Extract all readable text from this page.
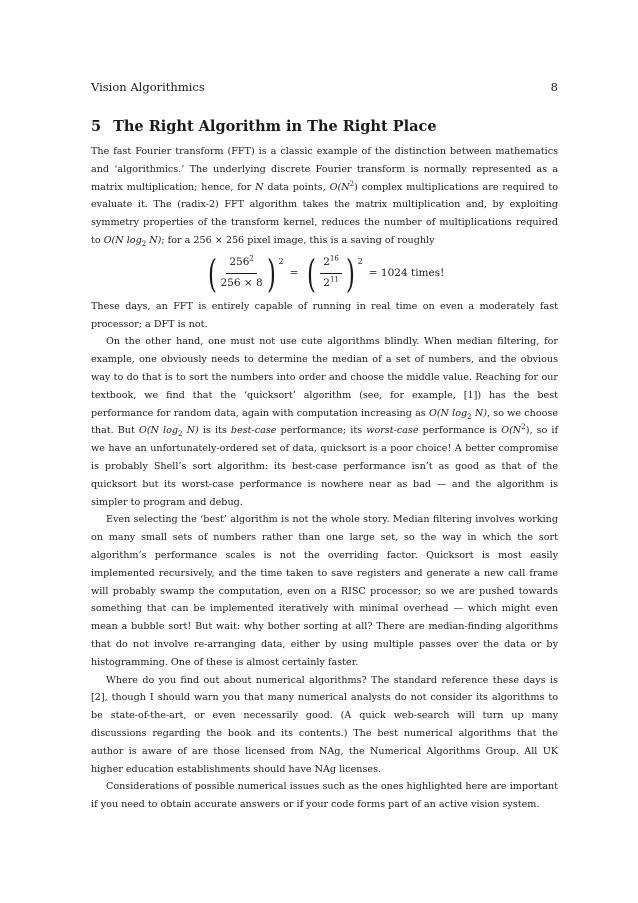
Vision Algorithmics	8
5 The Right Algorithm in The Right Place

The fast Fourier transform (FFT) is a classic example of the distinction between mathematics and ‘algorithmics.’ The underlying discrete Fourier transform is normally represented as a matrix multiplication; hence, for N data points, $O(N^2)$ complex multiplications are required to evaluate it. The (radix-2) FFT algorithm takes the matrix multiplication and, by exploiting symmetry properties of the transform kernel, reduces the number of multiplications required to O(N $\log_2 N$); for a 256 × 256 pixel image, this is a saving of roughly

( $\frac{256^2}{256 \times 8}$ ) 2
= ( $\frac{2^{16}}{2^{11}}$ ) 2
= 1024 times!

These days, an FFT is entirely capable of running in real time on even a moderately fast processor; a DFT is not.

On the other hand, one must not use cute algorithms blindly. When median filtering, for example, one obviously needs to determine the median of a set of numbers, and the obvious way to do that is to sort the numbers into order and choose the middle value. Reaching for our textbook, we find that the ‘quicksort’ algorithm (see, for example, [1]) has the best performance for random data, again with computation increasing as O(N $\log_2 N$), so we choose that. But O(N $\log_2 N$) is its best-case performance; its worst-case performance is $O(N^2)$, so if we have an unfortunately-ordered set of data, quicksort is a poor choice! A better compromise is probably Shell’s sort algorithm: its best-case performance isn’t as good as that of the quicksort but its worst-case performance is nowhere near as bad — and the algorithm is simpler to program and debug.

Even selecting the ‘best’ algorithm is not the whole story. Median filtering involves working on many small sets of numbers rather than one large set, so the way in which the sort algorithm’s performance scales is not the overriding factor. Quicksort is most easily implemented recursively, and the time taken to save registers and generate a new call frame will probably swamp the computation, even on a RISC processor; so we are pushed towards something that can be implemented iteratively with minimal overhead — which might even mean a bubble sort! But wait: why bother sorting at all? There are median-finding algorithms that do not involve re-arranging data, either by using multiple passes over the data or by histogramming. One of these is almost certainly faster.

Where do you find out about numerical algorithms? The standard reference these days is [2], though I should warn you that many numerical analysts do not consider its algorithms to be state-of-the-art, or even necessarily good. (A quick web-search will turn up many discussions regarding the book and its contents.) The best numerical algorithms that the author is aware of are those licensed from NAg, the Numerical Algorithms Group. All UK higher education establishments should have NAg licenses.

Considerations of possible numerical issues such as the ones highlighted here are important if you need to obtain accurate answers or if your code forms part of an active vision system.
